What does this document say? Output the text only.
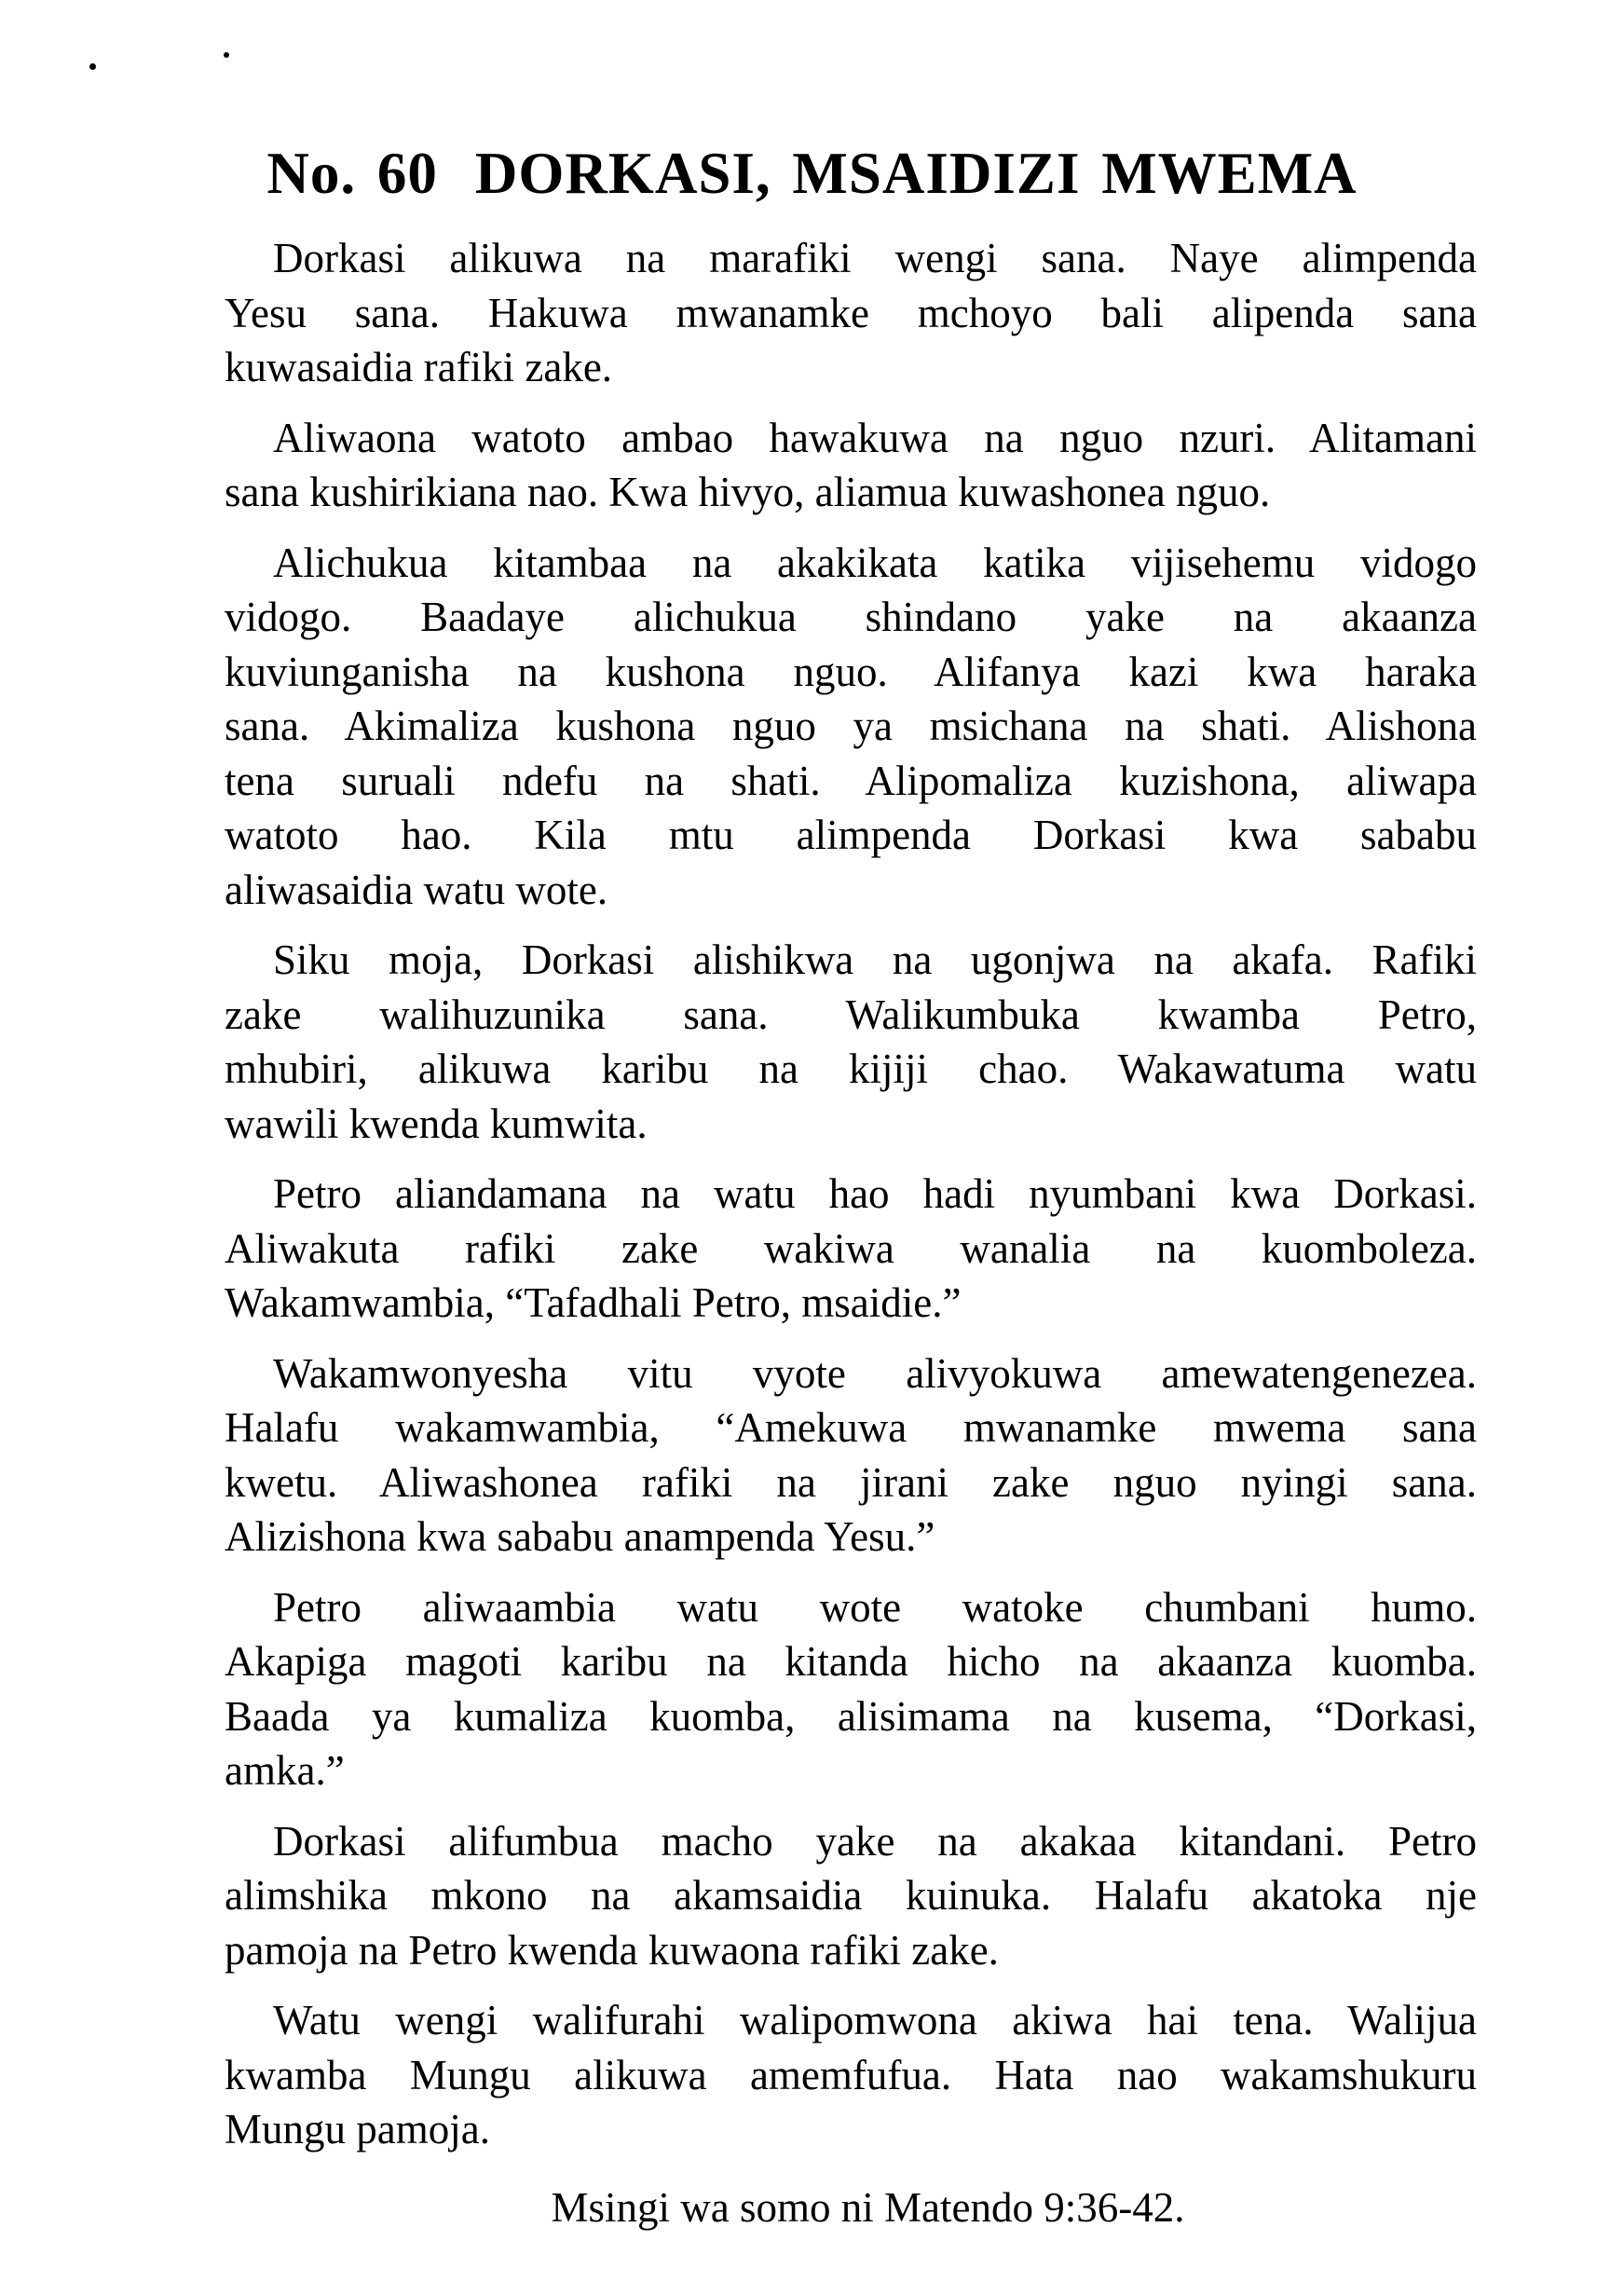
No. 60 DORKASI, MSAIDIZI MWEMA
Dorkasi alikuwa na marafiki wengi sana. Naye alimpenda
Yesu sana. Hakuwa mwanamke mchoyo bali alipenda sana
kuwasaidia rafiki zake.
Aliwaona watoto ambao hawakuwa na nguo nzuri. Alitamani
sana kushirikiana nao. Kwa hivyo, aliamua kuwashonea nguo.
Alichukua kitambaa na akakikata katika vijisehemu vidogo
vidogo. Baadaye alichukua shindano yake na akaanza
kuviunganisha na kushona nguo. Alifanya kazi kwa haraka
sana. Akimaliza kushona nguo ya msichana na shati. Alishona
tena suruali ndefu na shati. Alipomaliza kuzishona, aliwapa
watoto hao. Kila mtu alimpenda Dorkasi kwa sababu
aliwasaidia watu wote.
Siku moja, Dorkasi alishikwa na ugonjwa na akafa. Rafiki
zake walihuzunika sana. Walikumbuka kwamba Petro,
mhubiri, alikuwa karibu na kijiji chao. Wakawatuma watu
wawili kwenda kumwita.
Petro aliandamana na watu hao hadi nyumbani kwa Dorkasi.
Aliwakuta rafiki zake wakiwa wanalia na kuomboleza.
Wakamwambia, “Tafadhali Petro, msaidie.”
Wakamwonyesha vitu vyote alivyokuwa amewatengenezea.
Halafu wakamwambia, “Amekuwa mwanamke mwema sana
kwetu. Aliwashonea rafiki na jirani zake nguo nyingi sana.
Alizishona kwa sababu anampenda Yesu.”
Petro aliwaambia watu wote watoke chumbani humo.
Akapiga magoti karibu na kitanda hicho na akaanza kuomba.
Baada ya kumaliza kuomba, alisimama na kusema, “Dorkasi,
amka.”
Dorkasi alifumbua macho yake na akakaa kitandani. Petro
alimshika mkono na akamsaidia kuinuka. Halafu akatoka nje
pamoja na Petro kwenda kuwaona rafiki zake.
Watu wengi walifurahi walipomwona akiwa hai tena. Walijua
kwamba Mungu alikuwa amemfufua. Hata nao wakamshukuru
Mungu pamoja.
Msingi wa somo ni Matendo 9:36-42.
